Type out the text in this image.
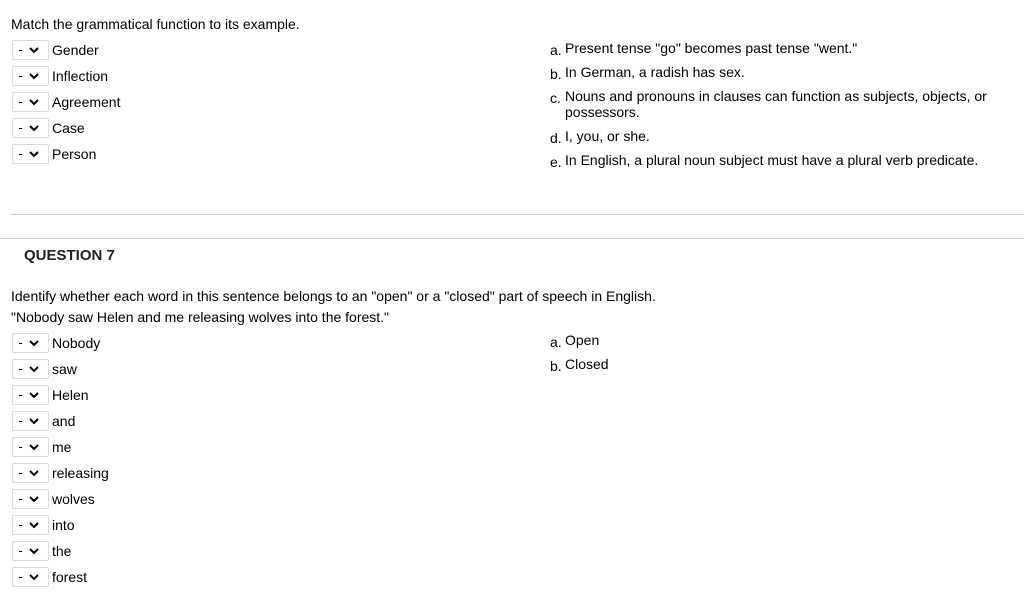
Match the grammatical function to its example.
-	Gender
-	Inflection
-	Agreement
-	Case
-	Person
a. Present tense "go" becomes past tense "went."
b. In German, a radish has sex.
c. Nouns and pronouns in clauses can function as subjects, objects, or possessors.
d. I, you, or she.
e. In English, a plural noun subject must have a plural verb predicate.
QUESTION 7
Identify whether each word in this sentence belongs to an "open" or a "closed" part of speech in English.
"Nobody saw Helen and me releasing wolves into the forest."
-	Nobody
-	saw
-	Helen
-	and
-	me
-	releasing
-	wolves
-	into
-	the
-	forest
a. Open
b. Closed
